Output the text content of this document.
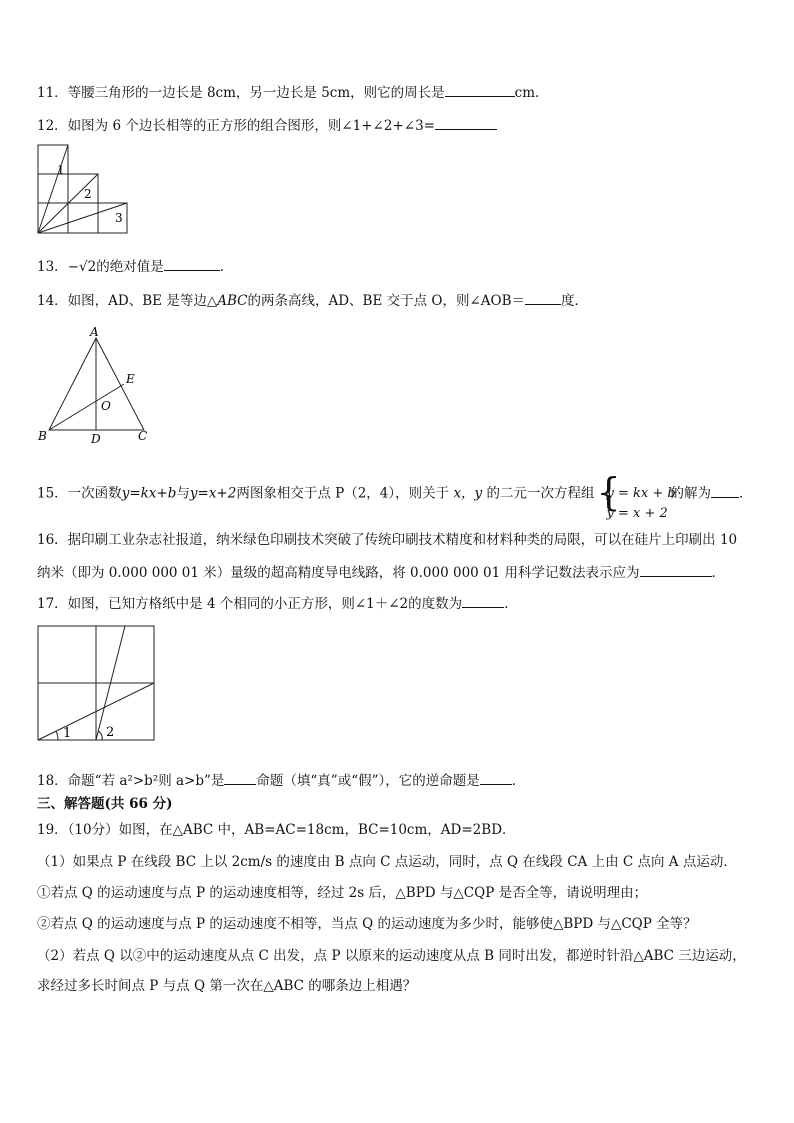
11．等腰三角形的一边长是 8cm，另一边长是 5cm，则它的周长是	cm.
12．如图为 6 个边长相等的正方形的组合图形，则∠1+∠2+∠3=
1
2
3
13．−√2的绝对值是	.
14．如图，AD、BE 是等边△ABC的两条高线，AD、BE 交于点 O，则∠AOB＝	度．
A
B	C
D
E
O
15．一次函数y=kx+b与y=x+2两图象相交于点 P（2，4），则关于 x，y 的二元一次方程组 {
y = kx + b
y = x + 2
的解为 ．
16．据印刷工业杂志社报道，纳米绿色印刷技术突破了传统印刷技术精度和材料种类的局限，可以在硅片上印刷出 10
纳米（即为 0.000 000 01 米）量级的超高精度导电线路，将 0.000 000 01 用科学记数法表示应为	．
17．如图，已知方格纸中是 4 个相同的小正方形，则∠1＋∠2的度数为	.
1	2
18．命题“若 a²>b²则 a>b”是 命题（填“真”或“假”），它的逆命题是 ．
三、解答题(共 66 分)
19．（10分）如图，在△ABC 中，AB=AC=18cm，BC=10cm，AD=2BD．
（1）如果点 P 在线段 BC 上以 2cm/s 的速度由 B 点向 C 点运动，同时，点 Q 在线段 CA 上由 C 点向 A 点运动．
①若点 Q 的运动速度与点 P 的运动速度相等，经过 2s 后，△BPD 与△CQP 是否全等，请说明理由；
②若点 Q 的运动速度与点 P 的运动速度不相等，当点 Q 的运动速度为多少时，能够使△BPD 与△CQP 全等？
（2）若点 Q 以②中的运动速度从点 C 出发，点 P 以原来的运动速度从点 B 同时出发，都逆时针沿△ABC 三边运动，
求经过多长时间点 P 与点 Q 第一次在△ABC 的哪条边上相遇？
